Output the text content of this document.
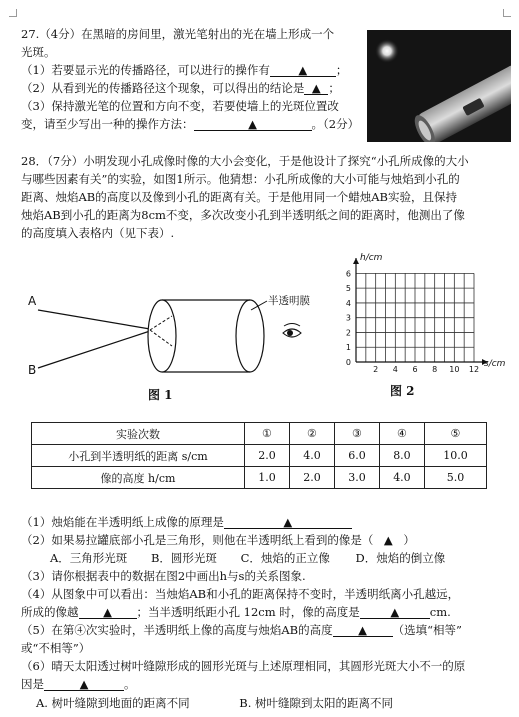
27.（4分）在黑暗的房间里，激光笔射出的光在墙上形成一个
光斑。
（1）若要显示光的传播路径，可以进行的操作有 ▲ ；
（2）从看到光的传播路径这个现象，可以得出的结论是 ▲ ；
（3）保持激光笔的位置和方向不变，若要使墙上的光斑位置改
变，请至少写出一种的操作方法：	▲	。（2分）
28．（7分）小明发现小孔成像时像的大小会变化，于是他设计了探究“小孔所成像的大小
与哪些因素有关”的实验，如图1所示。他猜想：小孔所成像的大小可能与烛焰到小孔的
距离、烛焰AB的高度以及像到小孔的距离有关。于是他用同一个蜡烛AB实验，且保持
烛焰AB到小孔的距离为8cm不变，多次改变小孔到半透明纸之间的距离时，他测出了像
的高度填入表格内（见下表）.
A
B
半透明膜
图 1
2 4 6 8 10 12
0
1
2
3
4
5
6
h/cm
s/cm
图 2
实验次数	①	②	③	④	⑤
小孔到半透明纸的距离 s/cm	2.0	4.0	6.0	8.0	10.0
像的高度 h/cm	1.0	2.0	3.0	4.0	5.0
（1）烛焰能在半透明纸上成像的原理是	▲
（2）如果易拉罐底部小孔是三角形，则他在半透明纸上看到的像是（ ▲ ）
A．三角形光斑 B．圆形光斑 C．烛焰的正立像 D．烛焰的倒立像
（3）请你根据表中的数据在图2中画出h与s的关系图象.
（4）从图象中可以看出：当烛焰AB和小孔的距离保持不变时，半透明纸离小孔越远，
所成的像越 ▲ ；当半透明纸距小孔 12cm 时，像的高度是	▲	cm.
（5）在第④次实验时，半透明纸上像的高度与烛焰AB的高度 ▲ （选填“相等”
或“不相等”）
（6）晴天太阳透过树叶缝隙形成的圆形光斑与上述原理相同，其圆形光斑大小不一的原
因是	▲	。
A. 树叶缝隙到地面的距离不同	B. 树叶缝隙到太阳的距离不同
